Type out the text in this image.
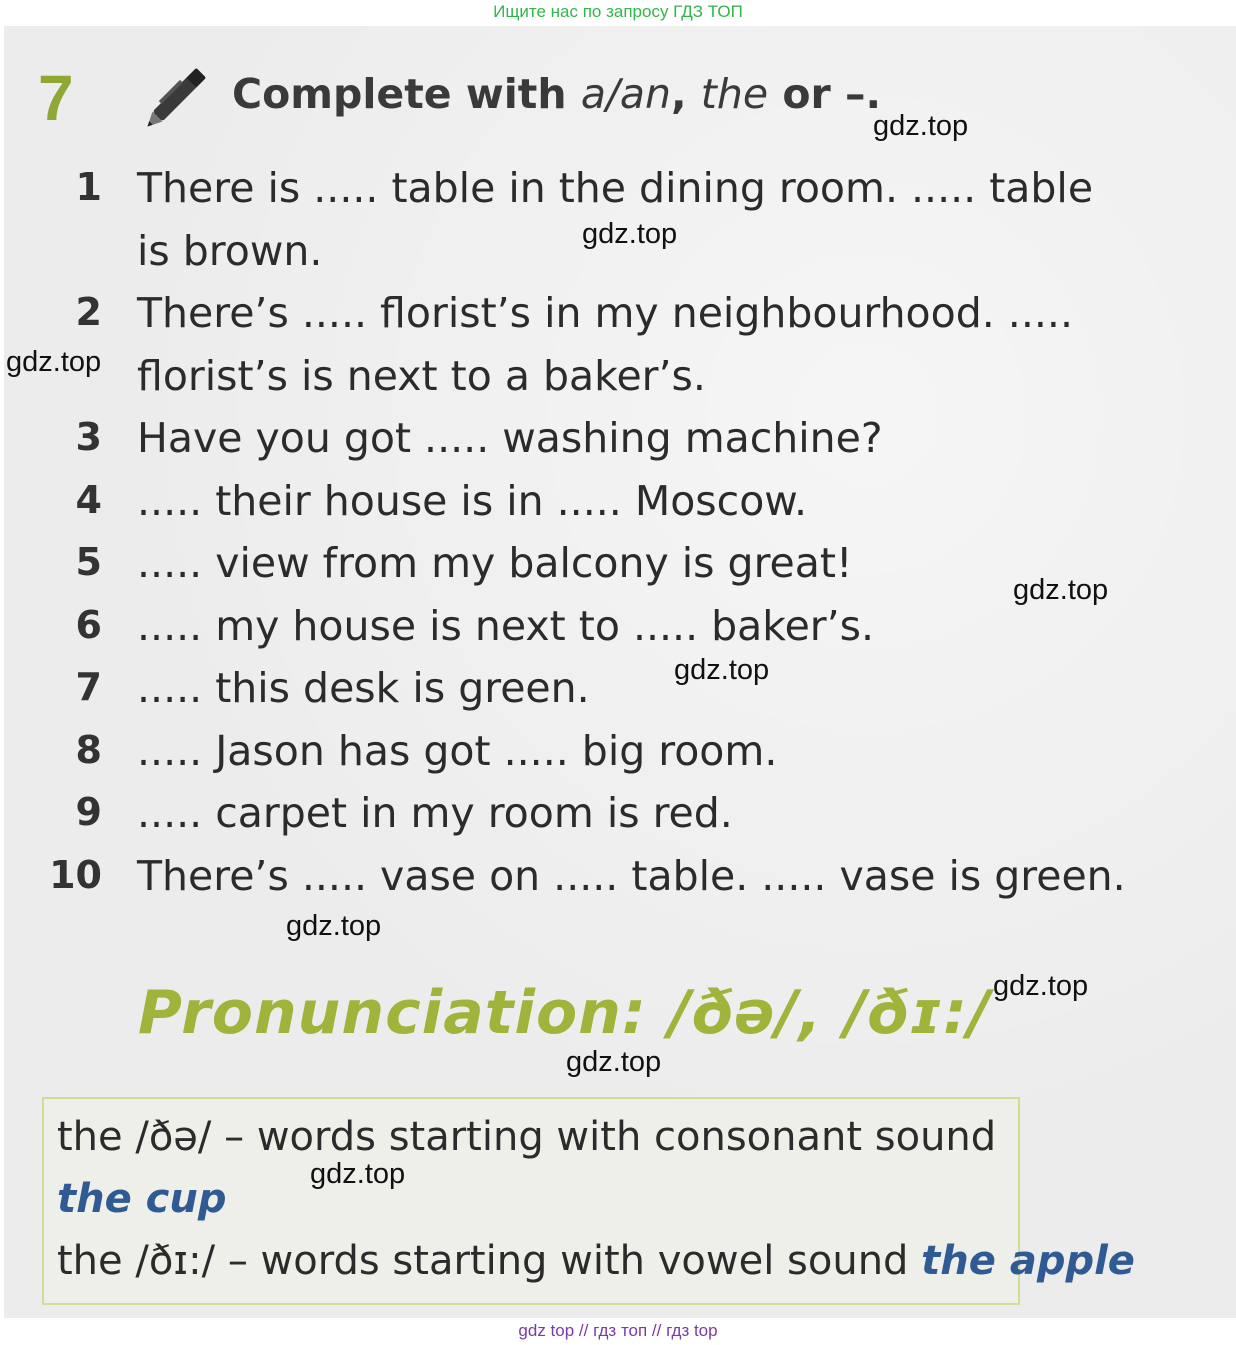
Ищите нас по запросу ГДЗ ТОП
7	Complete with a/an, the or –.
1 There is ..... table in the dining room. ..... table
is brown.
2 There’s ..... florist’s in my neighbourhood. .....
florist’s is next to a baker’s.
3 Have you got ..... washing machine?
4 ..... their house is in ..... Moscow.
5 ..... view from my balcony is great!
6 ..... my house is next to ..... baker’s.
7 ..... this desk is green.
8 ..... Jason has got ..... big room.
9 ..... carpet in my room is red.
10 There’s ..... vase on ..... table. ..... vase is green.
Pronunciation: /ðə/, /ðɪ:/
the /ðə/ – words starting with consonant sound
the cup
the /ðɪ:/ – words starting with vowel sound the apple
gdz.top
gdz.top
gdz.top
gdz.top
gdz.top
gdz.top
gdz.top
gdz.top
gdz.top
gdz top // гдз топ // гдз top
